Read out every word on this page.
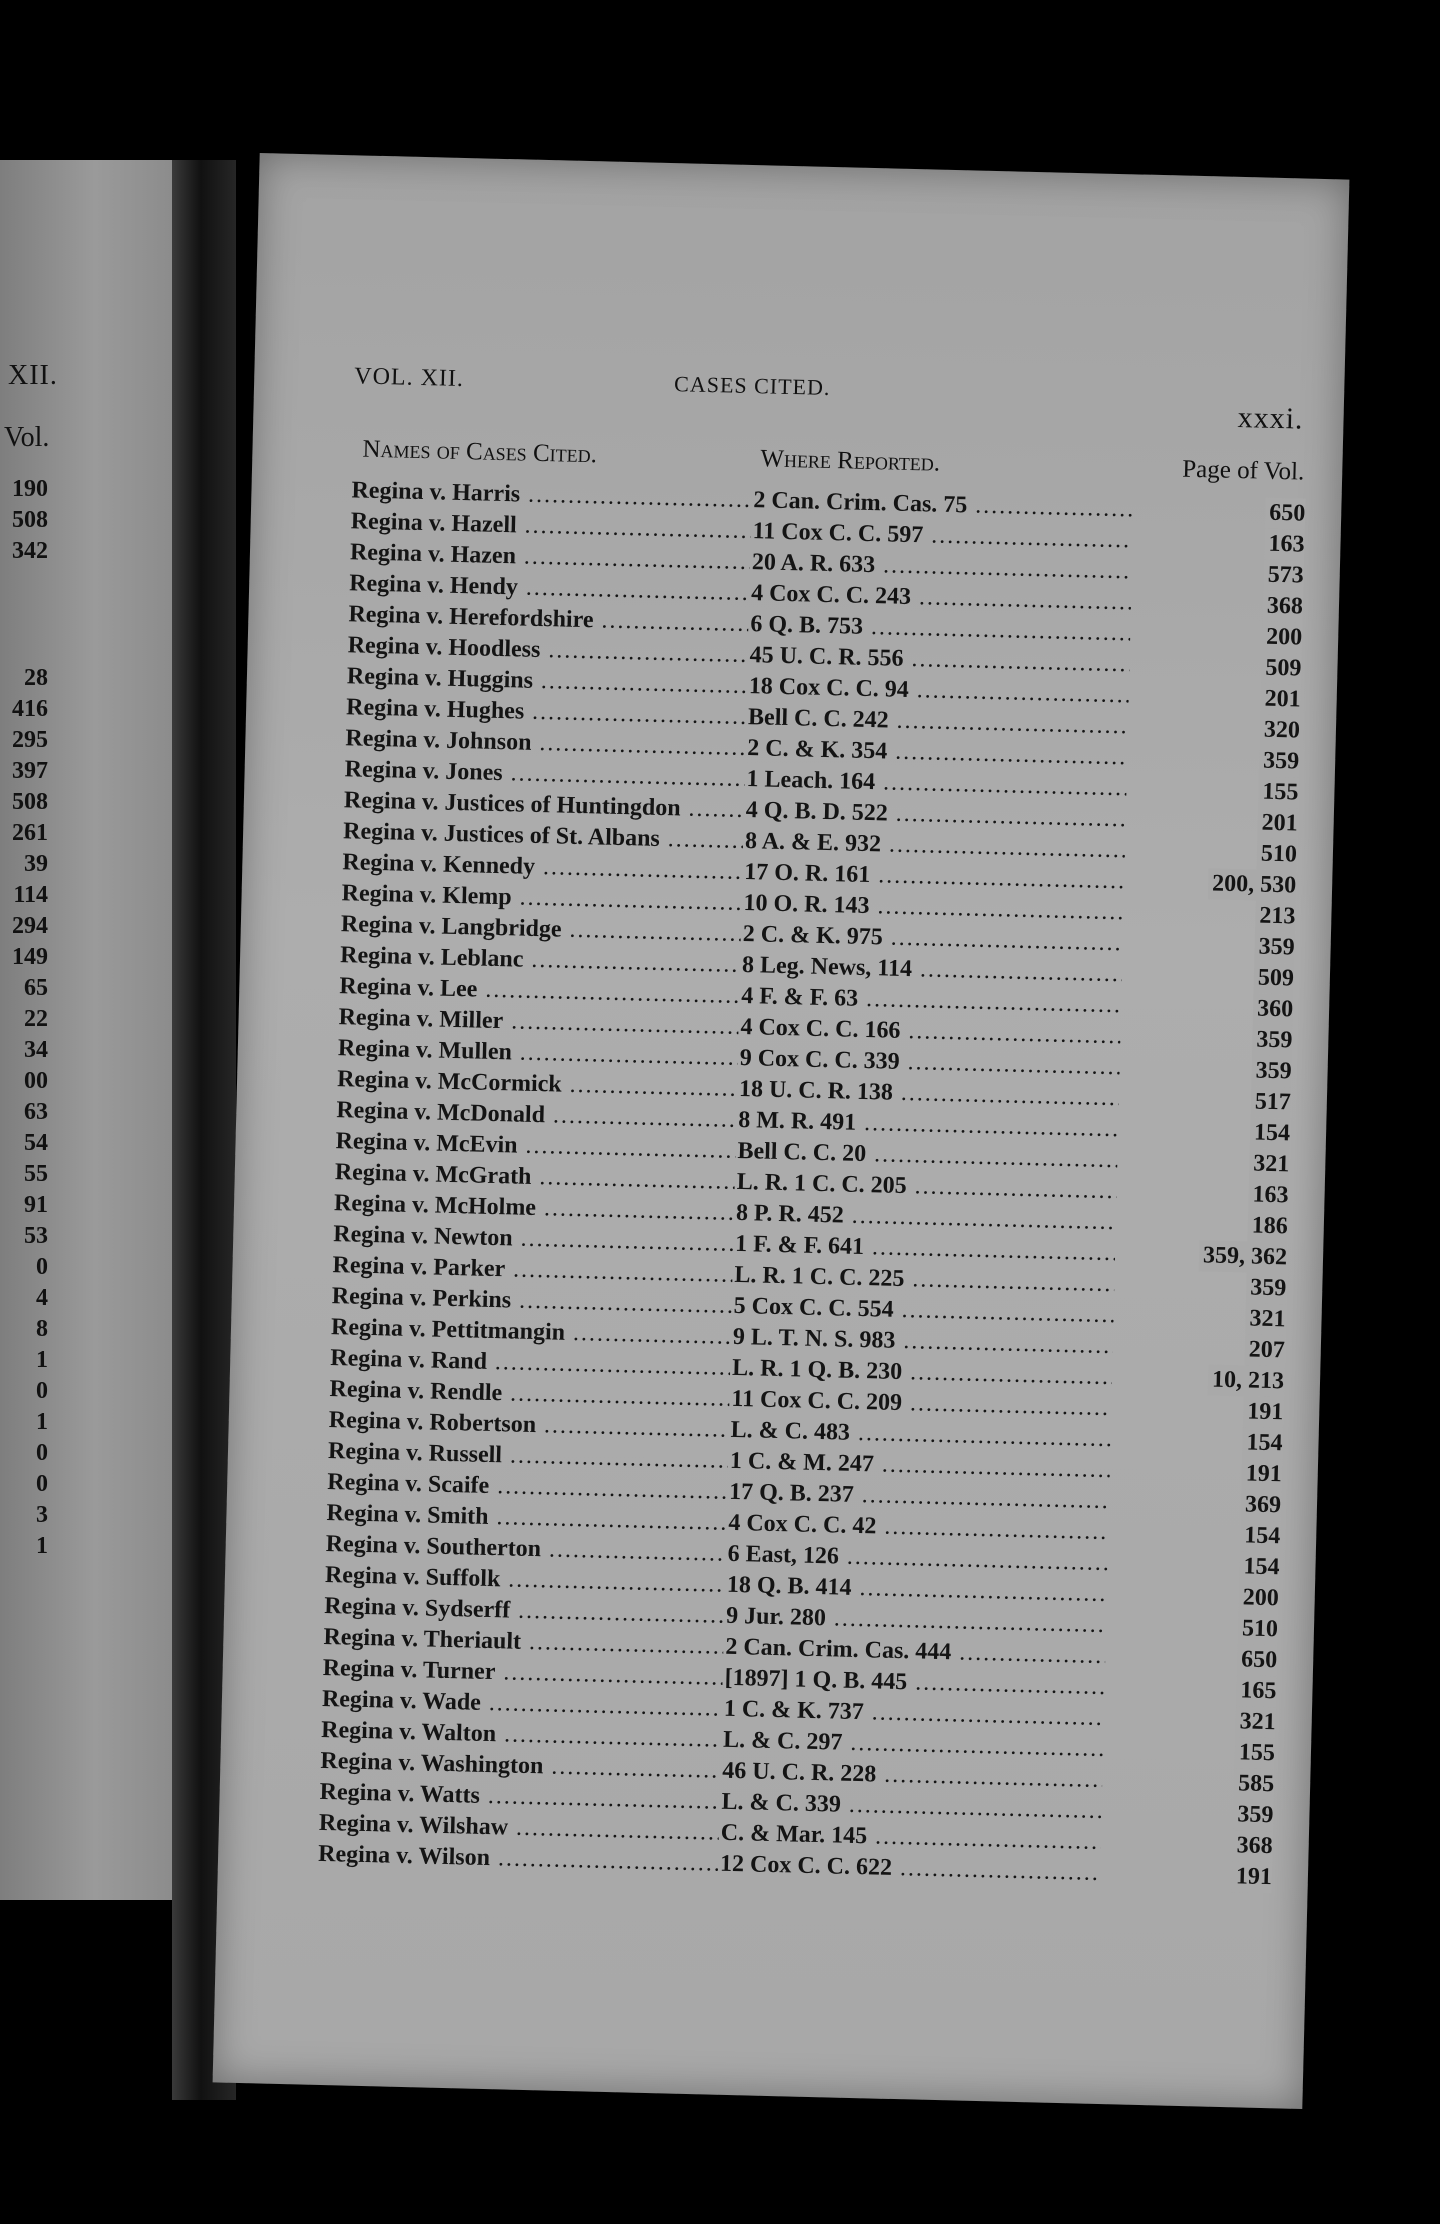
XII.
Vol.
190
508
342
28
416
295
397
508
261
39
114
294
149
65
22
34
00
63
54
55
91
53
0
4
8
1
0
1
0
0
3
1
VOL. XII.	CASES CITED.
xxxi.
Names of Cases Cited.	Where Reported.	Page of Vol.
Regina v. Harris .....	2 Can. Crim. Cas. 75 .....	650
Regina v. Hazell .....	11 Cox C. C. 597 .....	163
Regina v. Hazen .....	20 A. R. 633 .....	573
Regina v. Hendy .....	4 Cox C. C. 243 .....	368
Regina v. Herefordshire .....	6 Q. B. 753 .....	200
Regina v. Hoodless .....	45 U. C. R. 556 .....	509
Regina v. Huggins .....	18 Cox C. C. 94 .....	201
Regina v. Hughes .....	Bell C. C. 242 .....	320
Regina v. Johnson .....	2 C. & K. 354 .....	359
Regina v. Jones .....	1 Leach. 164 .....	155
Regina v. Justices of Huntingdon .....	4 Q. B. D. 522 .....	201
Regina v. Justices of St. Albans .....	8 A. & E. 932 .....	510
Regina v. Kennedy .....	17 O. R. 161 .....	200, 530
Regina v. Klemp .....	10 O. R. 143 .....	213
Regina v. Langbridge .....	2 C. & K. 975 .....	359
Regina v. Leblanc .....	8 Leg. News, 114 .....	509
Regina v. Lee .....	4 F. & F. 63 .....	360
Regina v. Miller .....	4 Cox C. C. 166 .....	359
Regina v. Mullen .....	9 Cox C. C. 339 .....	359
Regina v. McCormick .....	18 U. C. R. 138 .....	517
Regina v. McDonald .....	8 M. R. 491 .....	154
Regina v. McEvin .....	Bell C. C. 20 .....	321
Regina v. McGrath .....	L. R. 1 C. C. 205 .....	163
Regina v. McHolme .....	8 P. R. 452 .....	186
Regina v. Newton .....	1 F. & F. 641 .....	359, 362
Regina v. Parker .....	L. R. 1 C. C. 225 .....	359
Regina v. Perkins .....	5 Cox C. C. 554 .....	321
Regina v. Pettitmangin .....	9 L. T. N. S. 983 .....	207
Regina v. Rand .....	L. R. 1 Q. B. 230 .....	10, 213
Regina v. Rendle .....	11 Cox C. C. 209 .....	191
Regina v. Robertson .....	L. & C. 483 .....	154
Regina v. Russell .....	1 C. & M. 247 .....	191
Regina v. Scaife .....	17 Q. B. 237 .....	369
Regina v. Smith .....	4 Cox C. C. 42 .....	154
Regina v. Southerton .....	6 East, 126 .....	154
Regina v. Suffolk .....	18 Q. B. 414 .....	200
Regina v. Sydserff .....	9 Jur. 280 .....	510
Regina v. Theriault .....	2 Can. Crim. Cas. 444 .....	650
Regina v. Turner .....	[1897] 1 Q. B. 445 .....	165
Regina v. Wade .....	1 C. & K. 737 .....	321
Regina v. Walton .....	L. & C. 297 .....	155
Regina v. Washington .....	46 U. C. R. 228 .....	585
Regina v. Watts .....	L. & C. 339 .....	359
Regina v. Wilshaw .....	C. & Mar. 145 .....	368
Regina v. Wilson .....	12 Cox C. C. 622 .....	191
